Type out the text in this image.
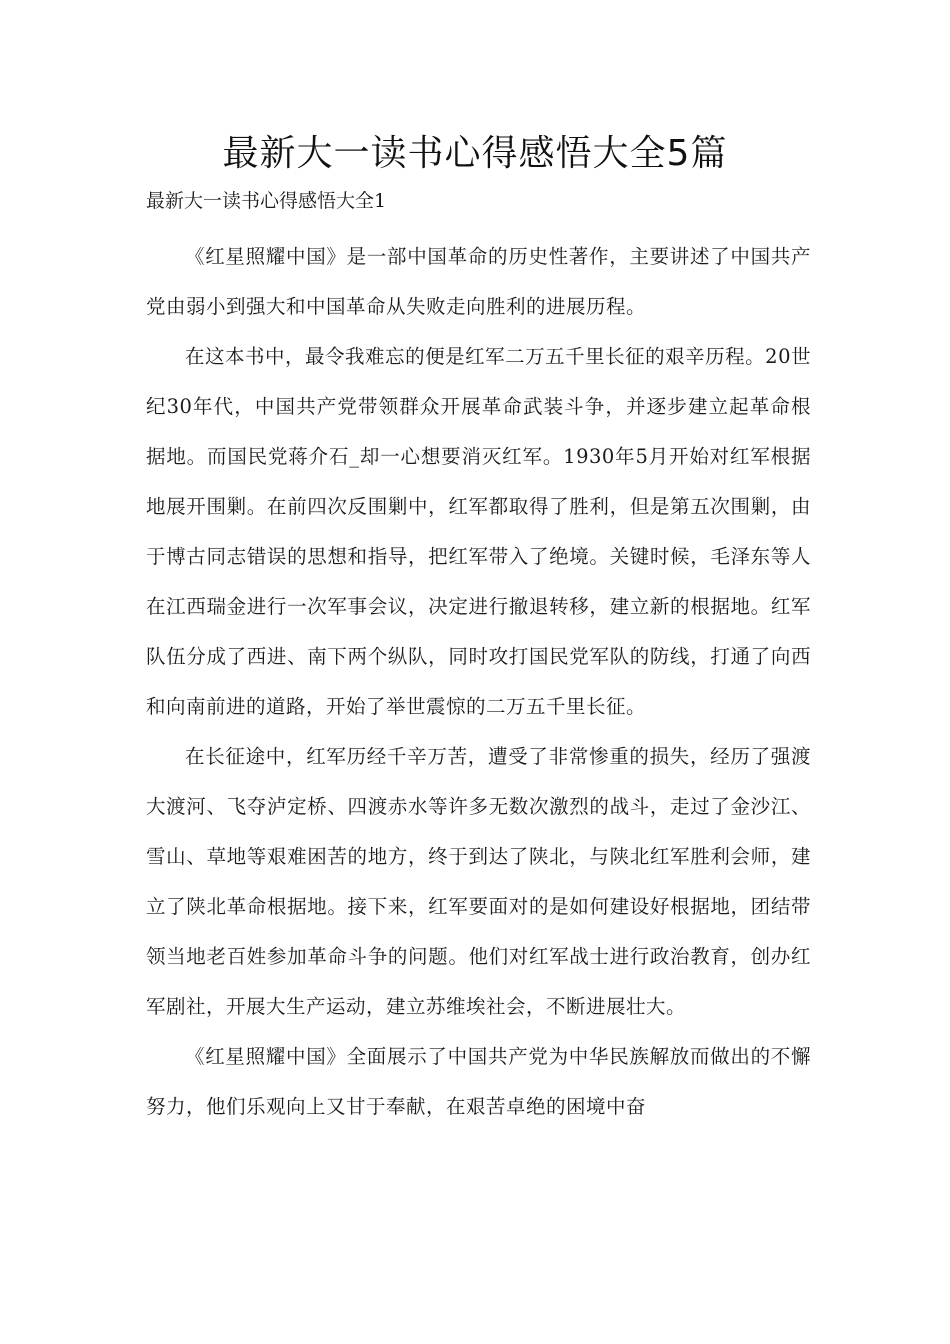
最新大一读书心得感悟大全5篇
最新大一读书心得感悟大全1

《红星照耀中国》是一部中国革命的历史性著作，主要讲述了中国共产党由弱小到强大和中国革命从失败走向胜利的进展历程。

在这本书中，最令我难忘的便是红军二万五千里长征的艰辛历程。20世纪30年代，中国共产党带领群众开展革命武装斗争，并逐步建立起革命根据地。而国民党蒋介石_却一心想要消灭红军。1930年5月开始对红军根据地展开围剿。在前四次反围剿中，红军都取得了胜利，但是第五次围剿，由于博古同志错误的思想和指导，把红军带入了绝境。关键时候，毛泽东等人在江西瑞金进行一次军事会议，决定进行撤退转移，建立新的根据地。红军队伍分成了西进、南下两个纵队，同时攻打国民党军队的防线，打通了向西和向南前进的道路，开始了举世震惊的二万五千里长征。

在长征途中，红军历经千辛万苦，遭受了非常惨重的损失，经历了强渡大渡河、飞夺泸定桥、四渡赤水等许多无数次激烈的战斗，走过了金沙江、雪山、草地等艰难困苦的地方，终于到达了陕北，与陕北红军胜利会师，建立了陕北革命根据地。接下来，红军要面对的是如何建设好根据地，团结带领当地老百姓参加革命斗争的问题。他们对红军战士进行政治教育，创办红军剧社，开展大生产运动，建立苏维埃社会，不断进展壮大。

《红星照耀中国》全面展示了中国共产党为中华民族解放而做出的不懈努力，他们乐观向上又甘于奉献，在艰苦卓绝的困境中奋
